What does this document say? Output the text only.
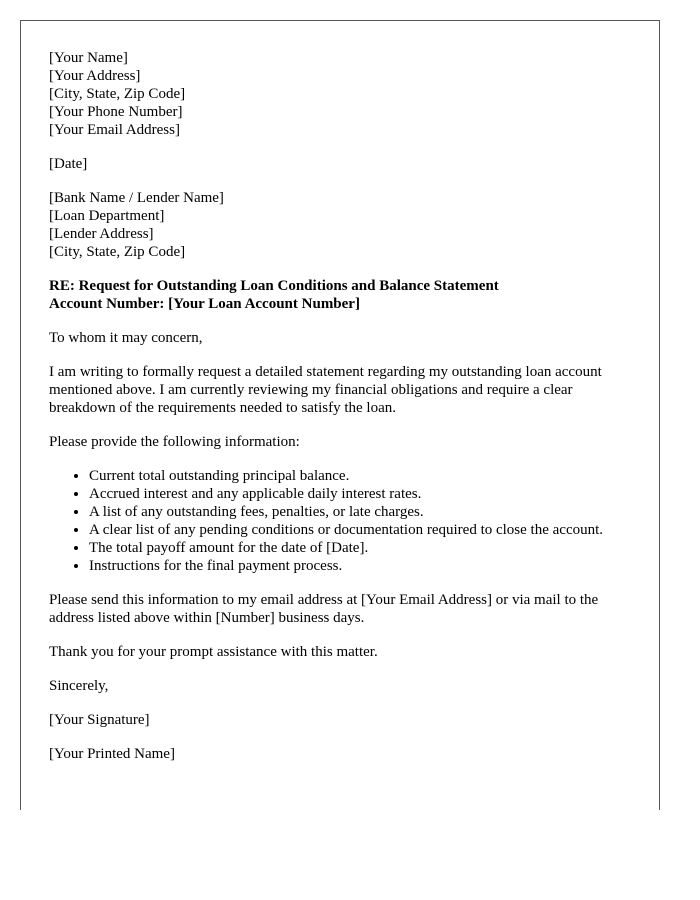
[Your Name]
[Your Address]
[City, State, Zip Code]
[Your Phone Number]
[Your Email Address]
[Date]
[Bank Name / Lender Name]
[Loan Department]
[Lender Address]
[City, State, Zip Code]
RE: Request for Outstanding Loan Conditions and Balance Statement
Account Number: [Your Loan Account Number]

To whom it may concern,

I am writing to formally request a detailed statement regarding my outstanding loan account mentioned above. I am currently reviewing my financial obligations and require a clear breakdown of the requirements needed to satisfy the loan.

Please provide the following information:

• Current total outstanding principal balance.
• Accrued interest and any applicable daily interest rates.
• A list of any outstanding fees, penalties, or late charges.
• A clear list of any pending conditions or documentation required to close the account.
• The total payoff amount for the date of [Date].
• Instructions for the final payment process.

Please send this information to my email address at [Your Email Address] or via mail to the address listed above within [Number] business days.

Thank you for your prompt assistance with this matter.

Sincerely,

[Your Signature]

[Your Printed Name]
